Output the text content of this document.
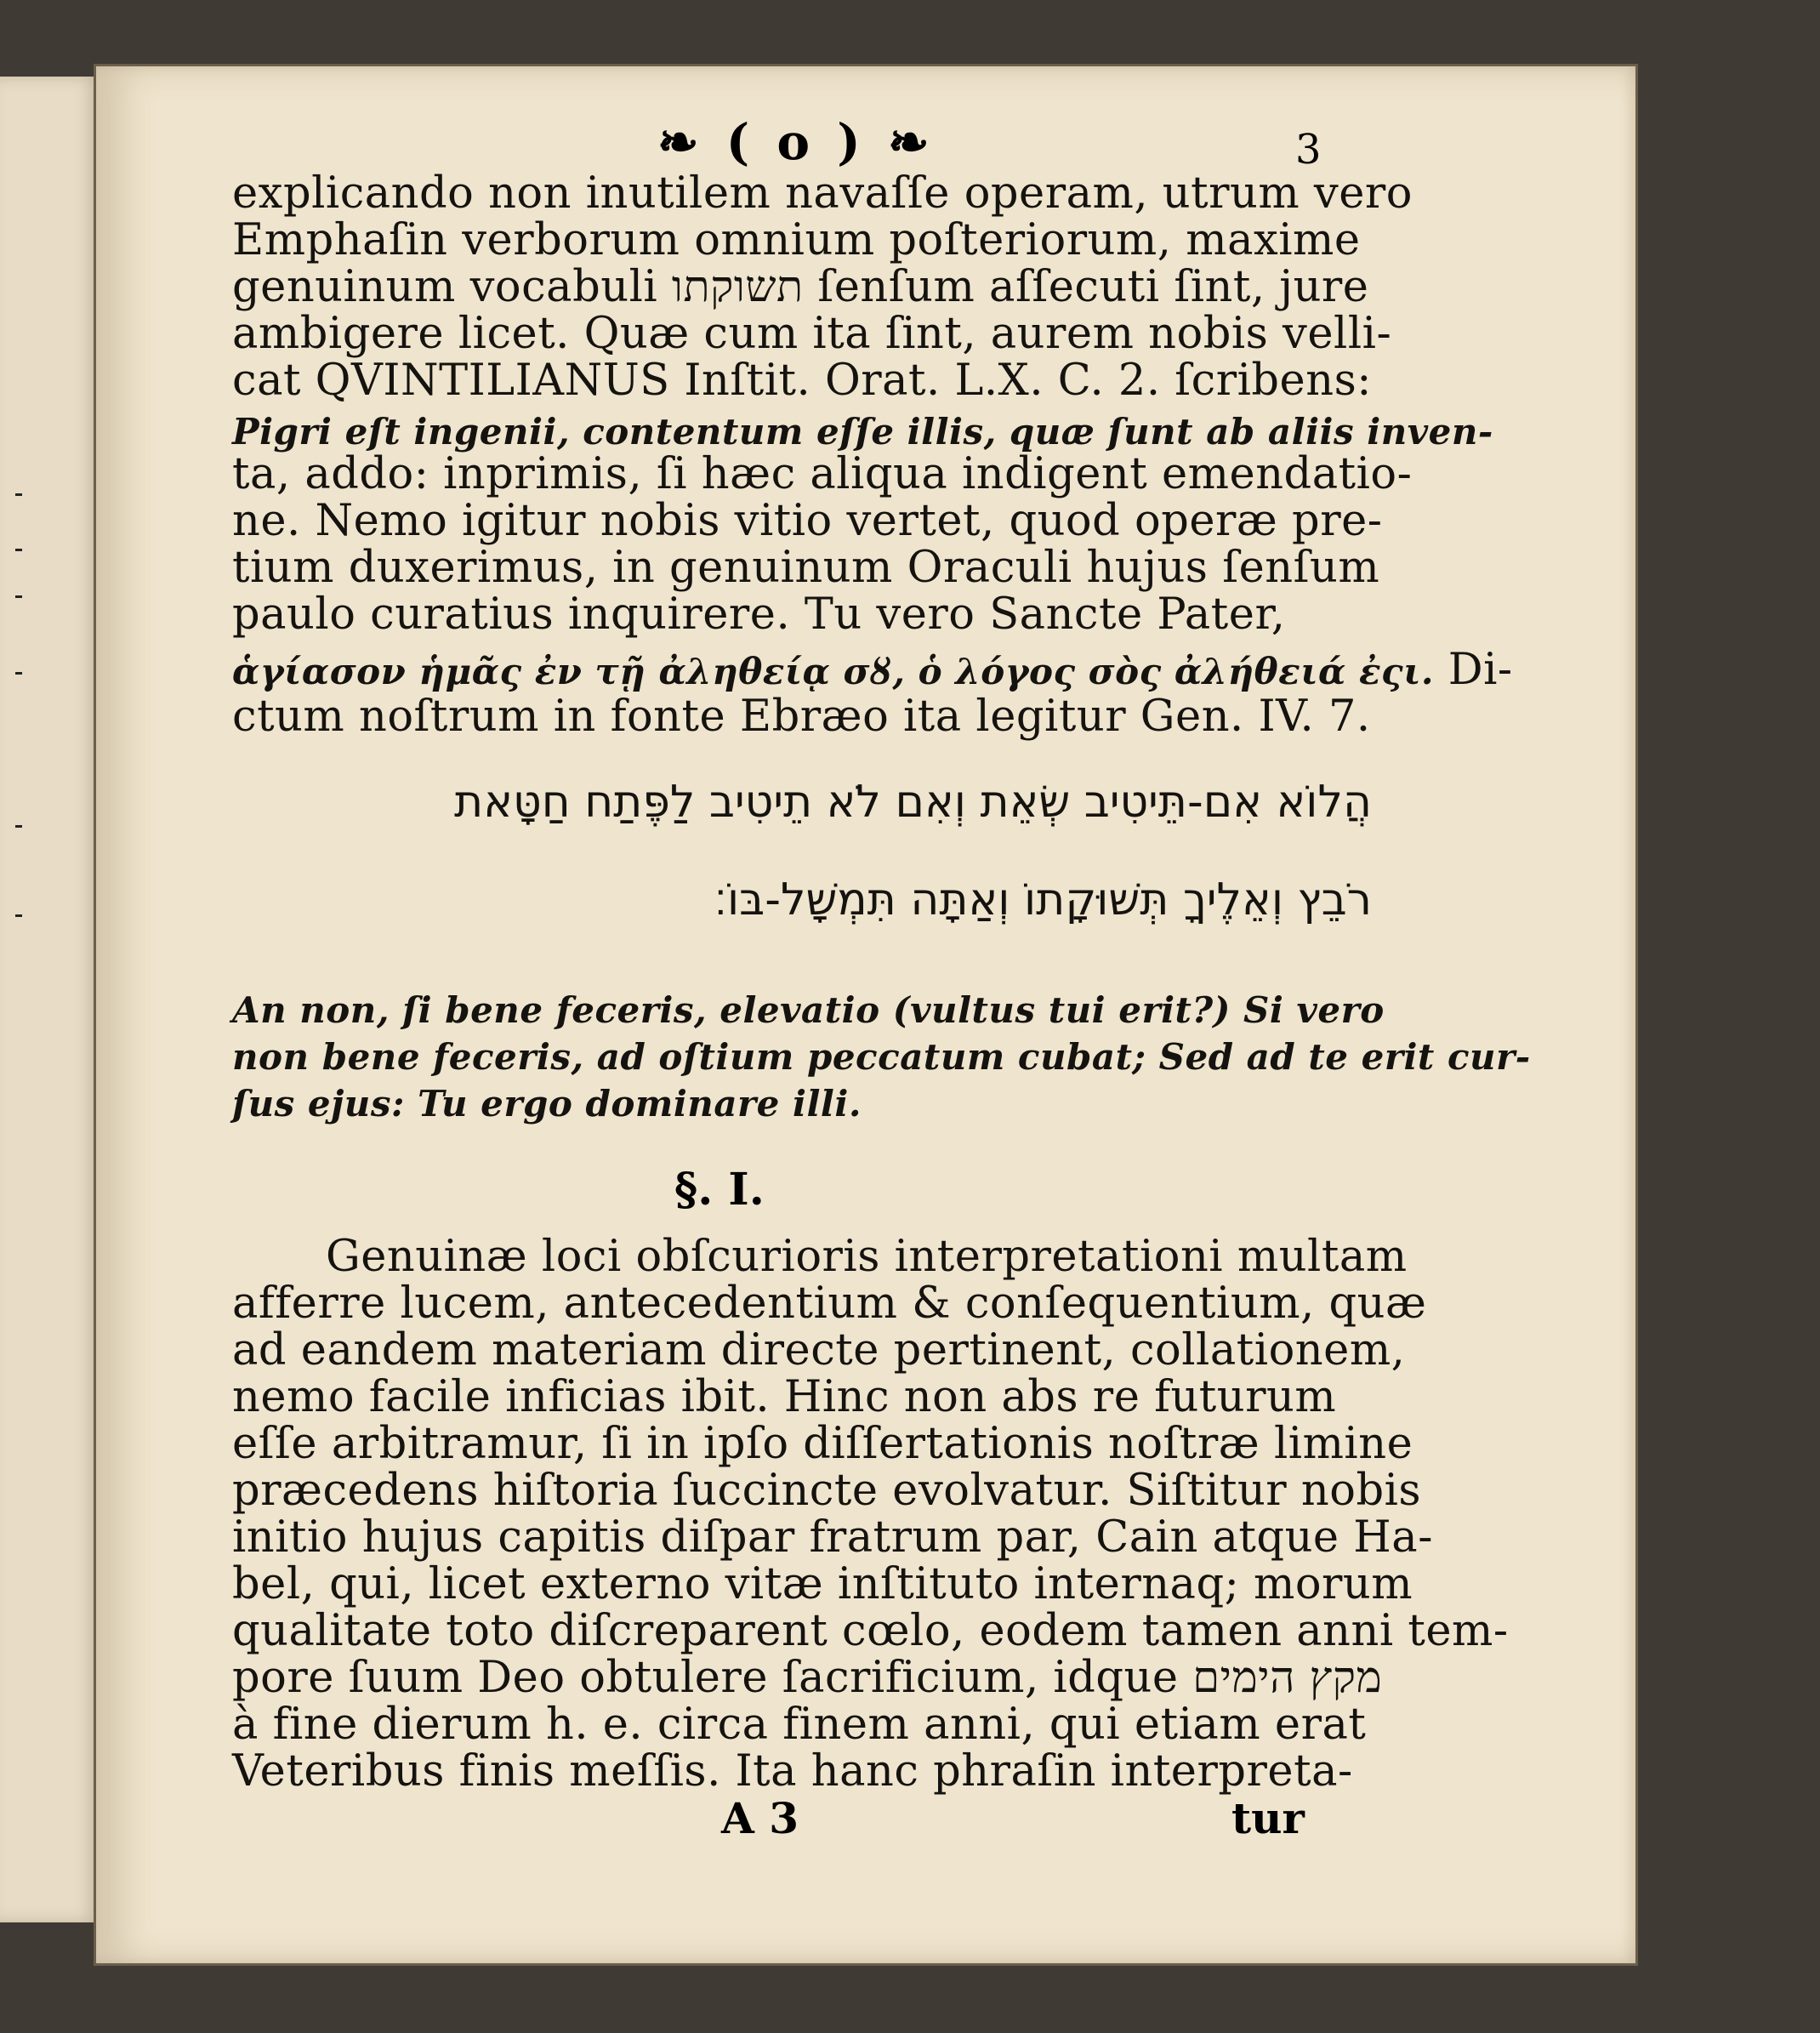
❧ ( o ) ❧	3
explicando non inutilem navaſſe operam, utrum vero
Emphaſin verborum omnium poſteriorum, maxime
genuinum vocabuli תשוקתו ſenſum aſſecuti ſint, jure
ambigere licet. Quæ cum ita ſint, aurem nobis velli-
cat QVINTILIANUS Inſtit. Orat. L.X. C. 2. ſcribens:
Pigri eſt ingenii, contentum eſſe illis, quæ ſunt ab aliis inven-
ta, addo: inprimis, ſi hæc aliqua indigent emendatio-
ne. Nemo igitur nobis vitio vertet, quod operæ pre-
tium duxerimus, in genuinum Oraculi hujus ſenſum
paulo curatius inquirere. Tu vero Sancte Pater,
ἁγίασον ἡμᾶς ἐν τῇ ἀληθείᾳ σȣ, ὁ λόγος σὸς ἀλήθειά ἐςι. Di-
ctum noſtrum in fonte Ebræo ita legitur Gen. IV. 7.
הֲלוֹא אִם-תֵּיטִיב שְׂאֵת וְאִם לֹא תֵיטִיב לַפֶּתַח חַטָּאת
רֹבֵץ וְאֵלֶיךָ תְּשׁוּקָתוֹ וְאַתָּה תִּמְשָׁל-בּוֹ׃
An non, ſi bene feceris, elevatio (vultus tui erit?) Si vero
non bene feceris, ad oſtium peccatum cubat; Sed ad te erit cur-
ſus ejus: Tu ergo dominare illi.
§. I.
Genuinæ loci obſcurioris interpretationi multam
afferre lucem, antecedentium & conſequentium, quæ
ad eandem materiam directe pertinent, collationem,
nemo facile inficias ibit. Hinc non abs re futurum
eſſe arbitramur, ſi in ipſo diſſertationis noſtræ limine
præcedens hiſtoria ſuccincte evolvatur. Siſtitur nobis
initio hujus capitis diſpar fratrum par, Cain atque Ha-
bel, qui, licet externo vitæ inſtituto internaq; morum
qualitate toto diſcreparent cœlo, eodem tamen anni tem-
pore ſuum Deo obtulere ſacrificium, idque מקץ הימים
à fine dierum h. e. circa finem anni, qui etiam erat
Veteribus finis meſſis. Ita hanc phraſin interpreta-
A 3	tur
